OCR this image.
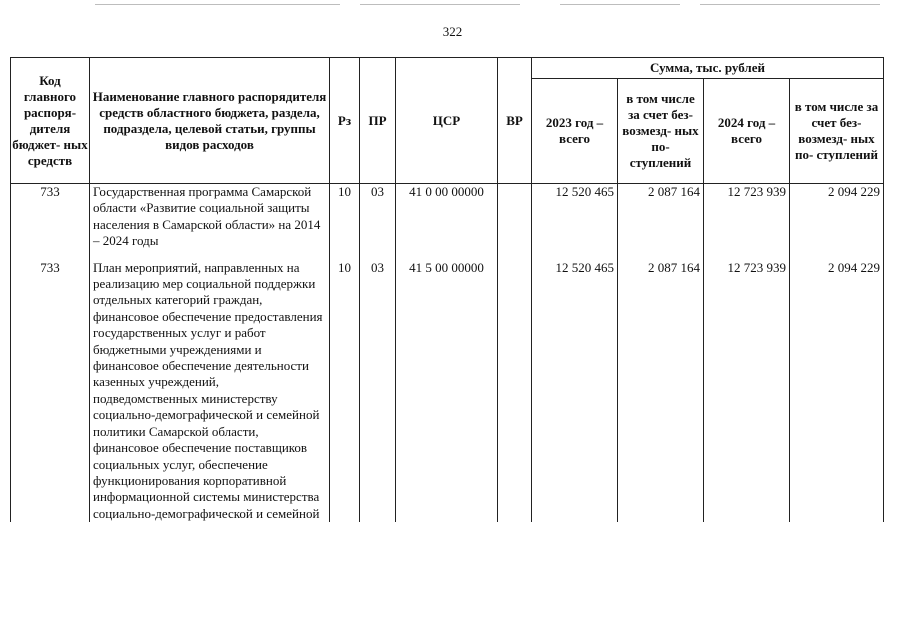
322
Код главного распоря- дителя бюджет- ных средств	Наименование главного распорядителя средств областного бюджета, раздела, подраздела, целевой статьи, группы видов расходов	Рз	ПР	ЦСР	ВР	Сумма, тыс. рублей			
						2023 год – всего	в том числе за счет без- возмезд- ных по- ступлений	2024 год – всего	в том числе за счет без- возмезд- ных по- ступлений
733	Государственная программа Самарской области «Развитие социальной защиты населения в Самарской области» на 2014 – 2024 годы	10	03	41 0 00 00000		12 520 465	2 087 164	12 723 939	2 094 229
733	План мероприятий, направленных на реализацию мер социальной поддержки отдельных категорий граждан, финансовое обеспечение предоставления государственных услуг и работ бюджетными учреждениями и финансовое обеспечение деятельности казенных учреждений, подведомственных министерству социально-демографической и семейной политики Самарской области, финансовое обеспечение поставщиков социальных услуг, обеспечение функционирования корпоративной информационной системы министерства социально-демографической и семейной	10	03	41 5 00 00000		12 520 465	2 087 164	12 723 939	2 094 229
